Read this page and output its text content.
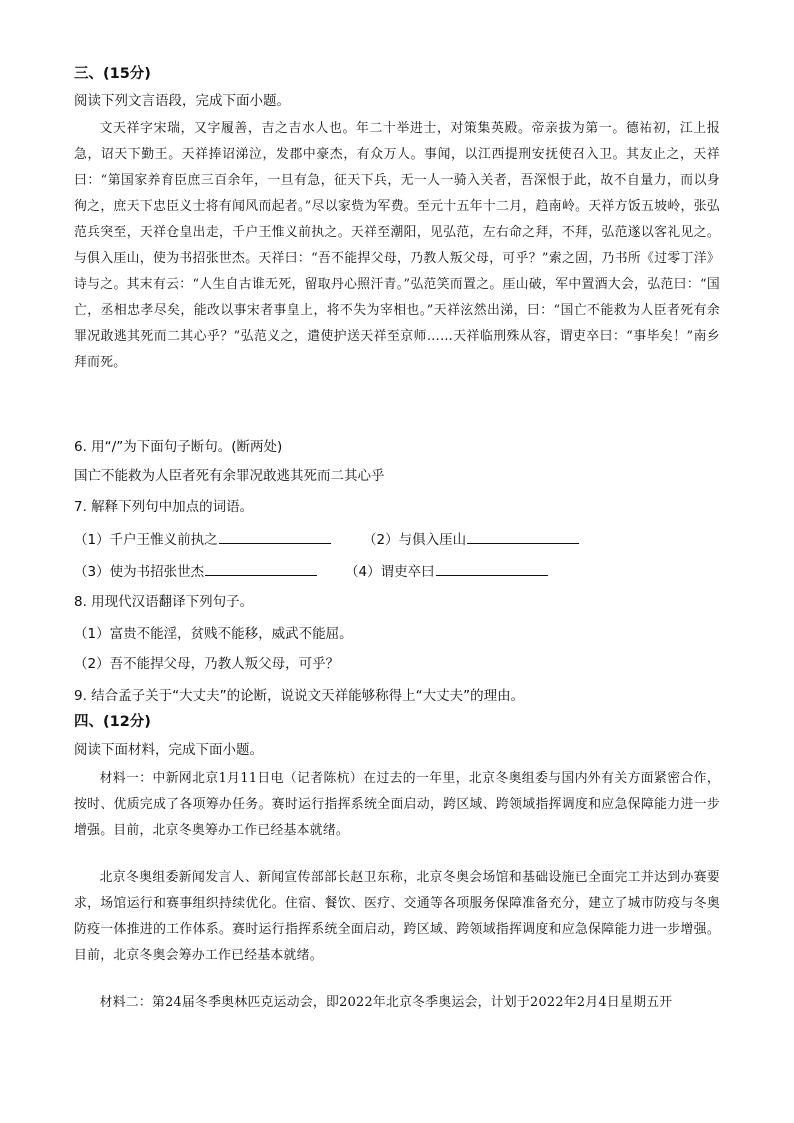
三、(15分)
阅读下列文言语段，完成下面小题。

文天祥字宋瑞，又字履善，吉之吉水人也。年二十举进士，对策集英殿。帝亲拔为第一。德祐初，江上报急，诏天下勤王。天祥捧诏涕泣，发郡中豪杰，有众万人。事闻，以江西提刑安抚使召入卫。其友止之，天祥曰：“第国家养育臣庶三百余年，一旦有急，征天下兵，无一人一骑入关者，吾深恨于此，故不自量力，而以身徇之，庶天下忠臣义士将有闻风而起者。”尽以家赀为军费。至元十五年十二月，趋南岭。天祥方饭五坡岭，张弘范兵突至，天祥仓皇出走，千户王惟义前执之。天祥至潮阳，见弘范，左右命之拜，不拜，弘范遂以客礼见之。与俱入厓山，使为书招张世杰。天祥曰：“吾不能捍父母，乃教人叛父母，可乎？”索之固，乃书所《过零丁洋》诗与之。其末有云：“人生自古谁无死，留取丹心照汗青。”弘范笑而置之。厓山破，军中置酒大会，弘范曰：“国亡，丞相忠孝尽矣，能改以事宋者事皇上，将不失为宰相也。”天祥泫然出涕，曰：“国亡不能救为人臣者死有余罪况敢逃其死而二其心乎？”弘范义之，遣使护送天祥至京师……天祥临刑殊从容，谓吏卒曰：“事毕矣！”南乡拜而死。

6. 用“/”为下面句子断句。(断两处)
国亡不能救为人臣者死有余罪况敢逃其死而二其心乎
7. 解释下列句中加点的词语。
（1）千户王惟义前执之	（2）与俱入厓山
（3）使为书招张世杰	（4）谓吏卒曰
8. 用现代汉语翻译下列句子。
（1）富贵不能淫，贫贱不能移，威武不能屈。
（2）吾不能捍父母，乃教人叛父母，可乎？
9. 结合孟子关于“大丈夫”的论断，说说文天祥能够称得上“大丈夫”的理由。
四、(12分)
阅读下面材料，完成下面小题。

材料一：中新网北京1月11日电（记者陈杭）在过去的一年里，北京冬奥组委与国内外有关方面紧密合作，按时、优质完成了各项筹办任务。赛时运行指挥系统全面启动，跨区域、跨领域指挥调度和应急保障能力进一步增强。目前，北京冬奥筹办工作已经基本就绪。

北京冬奥组委新闻发言人、新闻宣传部部长赵卫东称，北京冬奥会场馆和基础设施已全面完工并达到办赛要求，场馆运行和赛事组织持续优化。住宿、餐饮、医疗、交通等各项服务保障准备充分，建立了城市防疫与冬奥防疫一体推进的工作体系。赛时运行指挥系统全面启动，跨区域、跨领域指挥调度和应急保障能力进一步增强。目前，北京冬奥会筹办工作已经基本就绪。

材料二：第24届冬季奥林匹克运动会，即2022年北京冬季奥运会，计划于2022年2月4日星期五开
